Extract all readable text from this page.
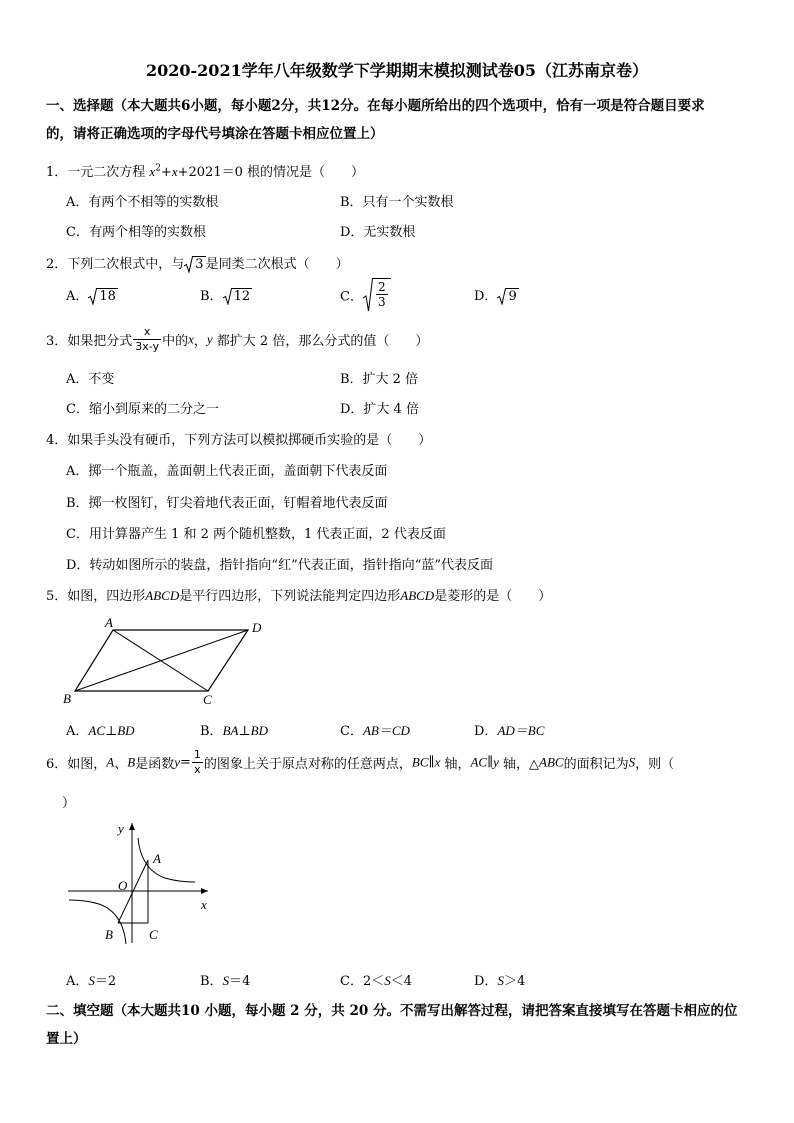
2020-2021学年八年级数学下学期期末模拟测试卷05（江苏南京卷）
一、选择题（本大题共6小题，每小题2分，共12分。在每小题所给出的四个选项中，恰有一项是符合题目要求
的，请将正确选项的字母代号填涂在答题卡相应位置上）
1．一元二次方程 $x^2+x+2021=0$ 根的情况是（　　）
A．有两个不相等的实数根	B．只有一个实数根
C．有两个相等的实数根	D．无实数根
2．下列二次根式中，与 3 是同类二次根式（　　）
A． 18	B． 12	C． $\frac{2}{3}$	D． 9
3．如果把分式 $\frac{x}{3x-y}$ 中的x，y 都扩大 2 倍，那么分式的值（　　）
A．不变	B．扩大 2 倍
C．缩小到原来的二分之一	D．扩大 4 倍
4．如果手头没有硬币，下列方法可以模拟掷硬币实验的是（　　）
A．掷一个瓶盖，盖面朝上代表正面，盖面朝下代表反面
B．掷一枚图钉，钉尖着地代表正面，钉帽着地代表反面
C．用计算器产生 1 和 2 两个随机整数，1 代表正面，2 代表反面
D．转动如图所示的装盘，指针指向“红”代表正面，指针指向“蓝”代表反面
5．如图，四边形ABCD是平行四边形，下列说法能判定四边形ABCD是菱形的是（　　）
A	D
B	C
A．AC⊥BD	B．BA⊥BD	C．AB＝CD	D．AD＝BC
6．如图，A、B是函数$y= \frac{1}{x}$ 的图象上关于原点对称的任意两点，BC∥x 轴，AC∥y 轴，△ABC的面积记为S，则（
）
y
x
O
A
B	C
A．S＝2	B．S＝4	C．2＜S＜4	D．S＞4
二、填空题（本大题共10 小题，每小题 2 分，共 20 分。不需写出解答过程，请把答案直接填写在答题卡相应的位
置上）
